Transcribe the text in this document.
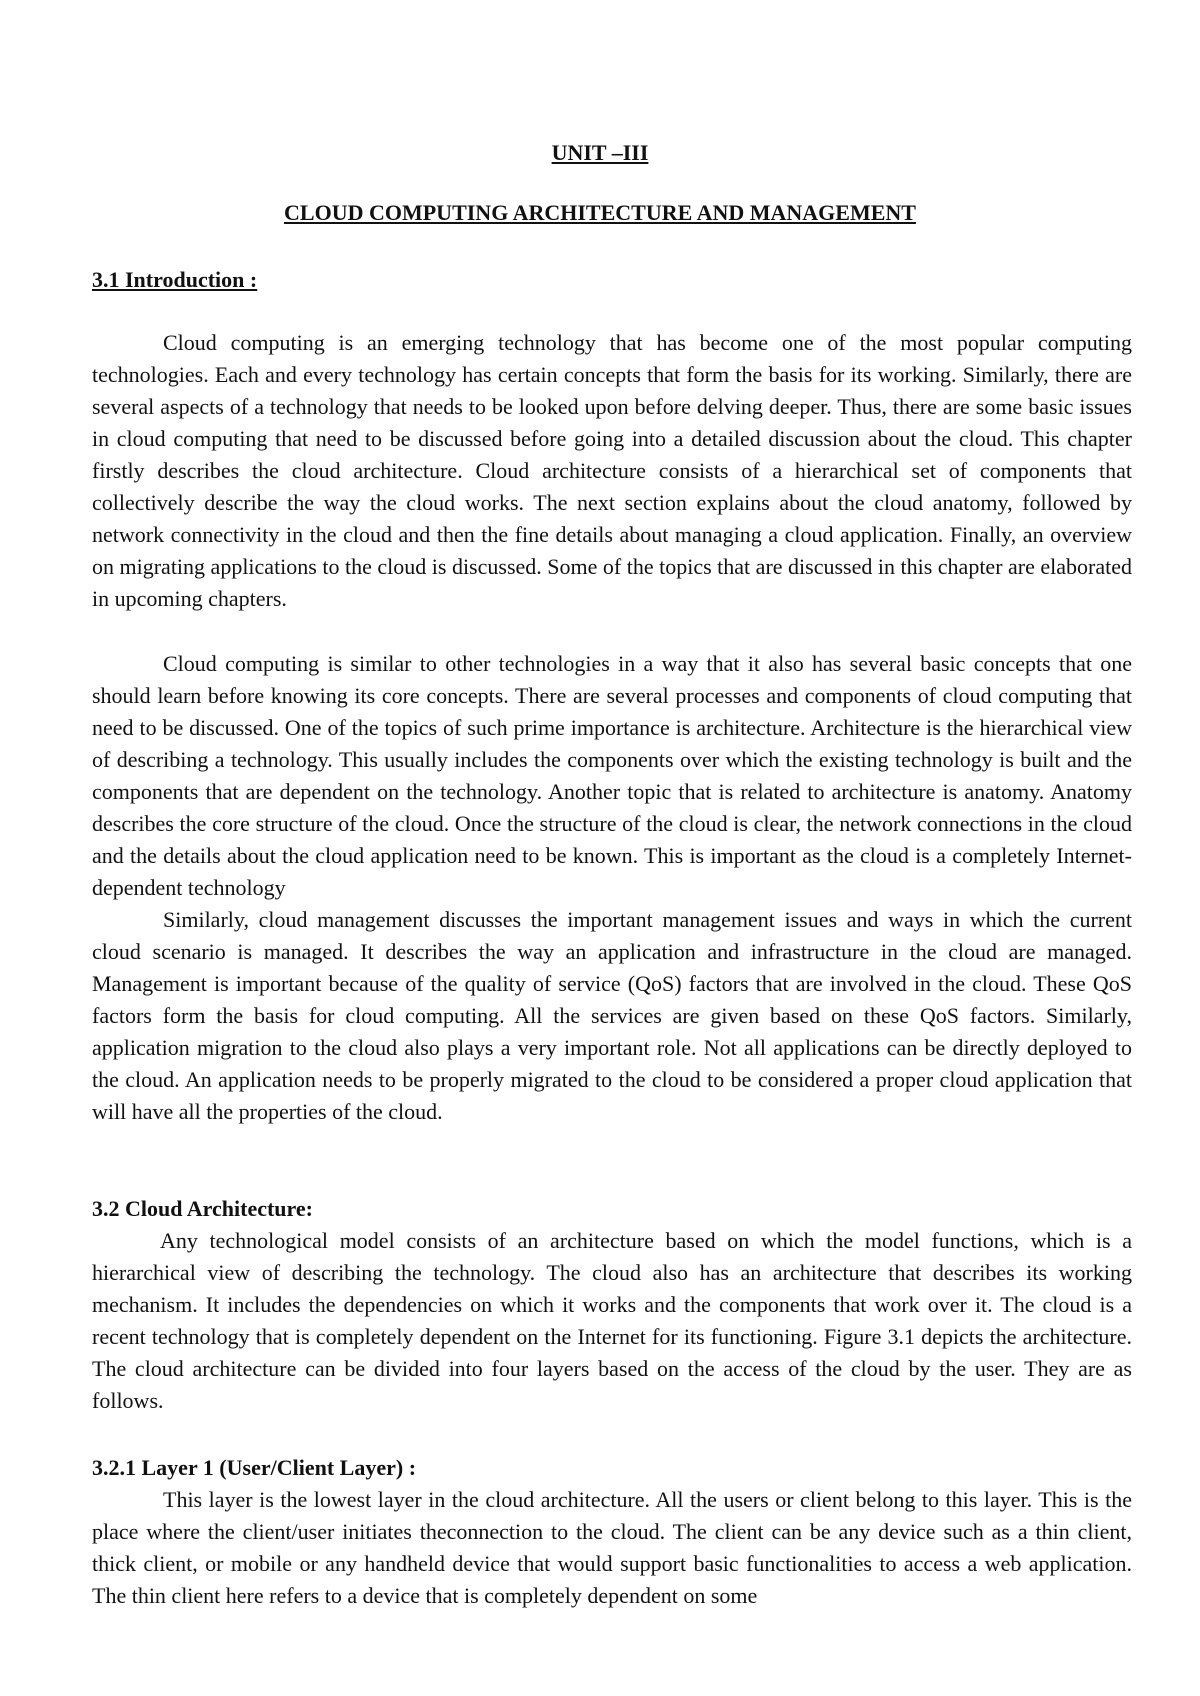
UNIT –III
CLOUD COMPUTING ARCHITECTURE AND MANAGEMENT
3.1 Introduction :

Cloud computing is an emerging technology that has become one of the most popular computing technologies. Each and every technology has certain concepts that form the basis for its working. Similarly, there are several aspects of a technology that needs to be looked upon before delving deeper. Thus, there are some basic issues in cloud computing that need to be discussed before going into a detailed discussion about the cloud. This chapter firstly describes the cloud architecture. Cloud architecture consists of a hierarchical set of components that collectively describe the way the cloud works. The next section explains about the cloud anatomy, followed by network connectivity in the cloud and then the fine details about managing a cloud application. Finally, an overview on migrating applications to the cloud is discussed. Some of the topics that are discussed in this chapter are elaborated in upcoming chapters.

Cloud computing is similar to other technologies in a way that it also has several basic concepts that one should learn before knowing its core concepts. There are several processes and components of cloud computing that need to be discussed. One of the topics of such prime importance is architecture. Architecture is the hierarchical view of describing a technology. This usually includes the components over which the existing technology is built and the components that are dependent on the technology. Another topic that is related to architecture is anatomy. Anatomy describes the core structure of the cloud. Once the structure of the cloud is clear, the network connections in the cloud and the details about the cloud application need to be known. This is important as the cloud is a completely Internet-dependent technology

Similarly, cloud management discusses the important management issues and ways in which the current cloud scenario is managed. It describes the way an application and infrastructure in the cloud are managed. Management is important because of the quality of service (QoS) factors that are involved in the cloud. These QoS factors form the basis for cloud computing. All the services are given based on these QoS factors. Similarly, application migration to the cloud also plays a very important role. Not all applications can be directly deployed to the cloud. An application needs to be properly migrated to the cloud to be considered a proper cloud application that will have all the properties of the cloud.

3.2 Cloud Architecture:

Any technological model consists of an architecture based on which the model functions, which is a hierarchical view of describing the technology. The cloud also has an architecture that describes its working mechanism. It includes the dependencies on which it works and the components that work over it. The cloud is a recent technology that is completely dependent on the Internet for its functioning. Figure 3.1 depicts the architecture. The cloud architecture can be divided into four layers based on the access of the cloud by the user. They are as follows.

3.2.1 Layer 1 (User/Client Layer) :

This layer is the lowest layer in the cloud architecture. All the users or client belong to this layer. This is the place where the client/user initiates theconnection to the cloud. The client can be any device such as a thin client, thick client, or mobile or any handheld device that would support basic functionalities to access a web application. The thin client here refers to a device that is completely dependent on some
